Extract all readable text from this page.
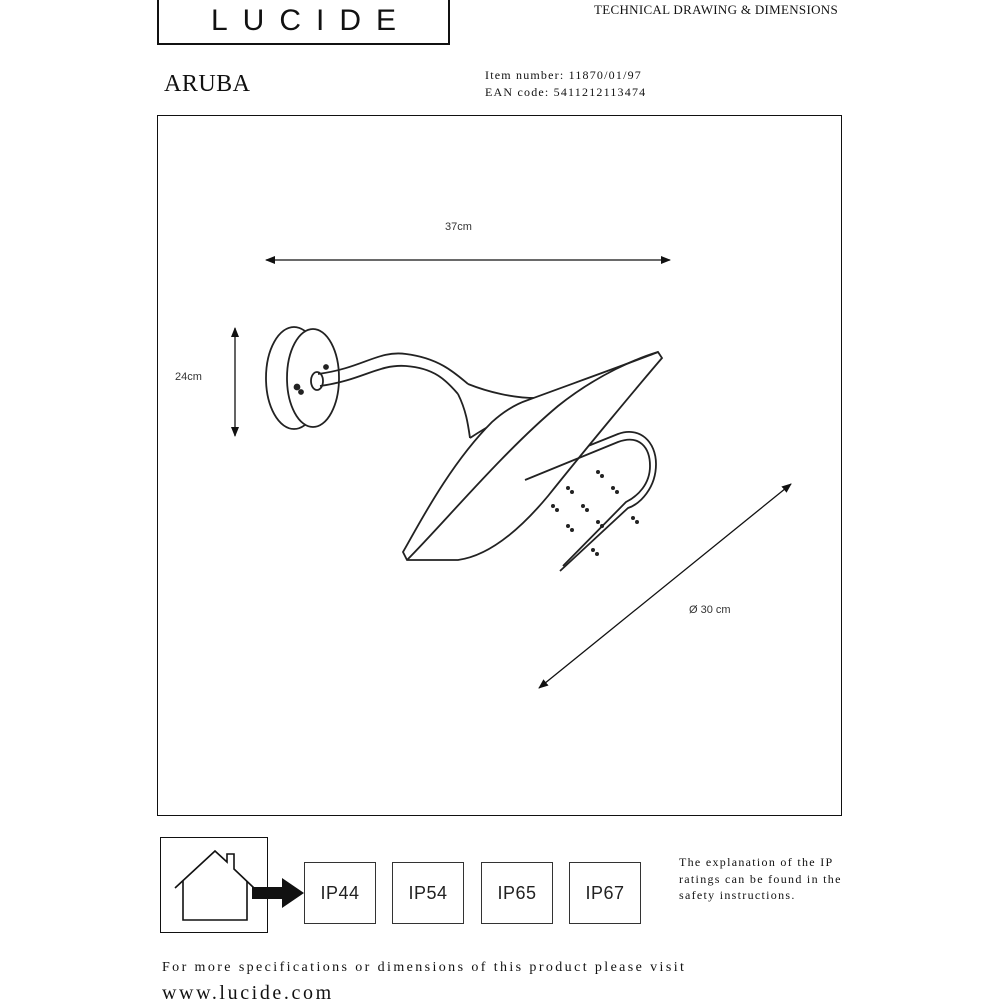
LUCIDE	TECHNICAL DRAWING & DIMENSIONS
ARUBA	Item number: 11870/01/97
EAN code: 5411212113474
37cm
24cm
Ø 30 cm
IP44	IP54	IP65	IP67
The explanation of the IP ratings can be found in the safety instructions.
For more specifications or dimensions of this product please visit
www.lucide.com
